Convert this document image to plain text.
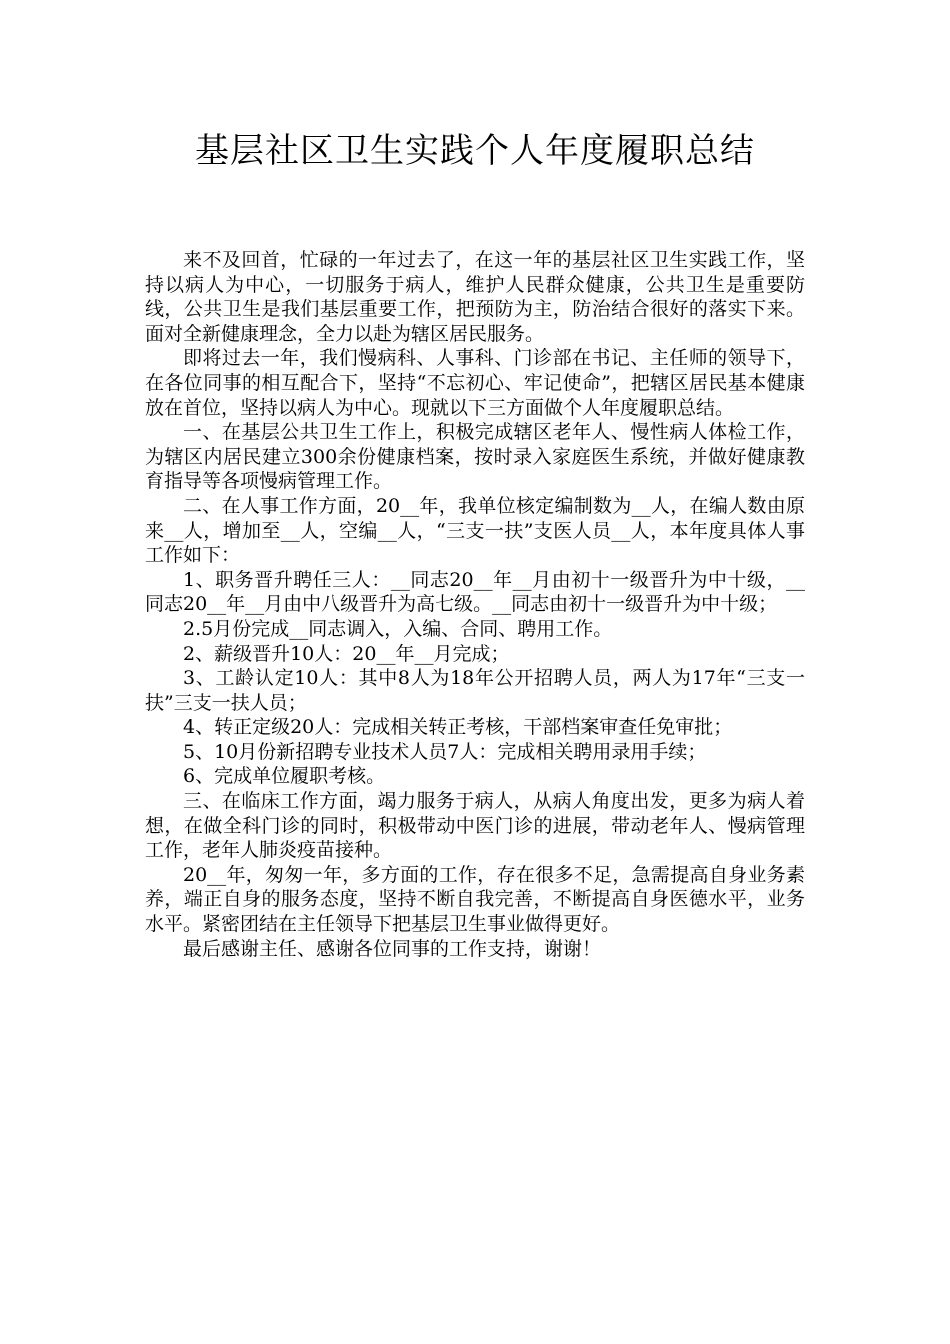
基层社区卫生实践个人年度履职总结

来不及回首，忙碌的一年过去了，在这一年的基层社区卫生实践工作，坚持以病人为中心，一切服务于病人，维护人民群众健康，公共卫生是重要防线，公共卫生是我们基层重要工作，把预防为主，防治结合很好的落实下来。面对全新健康理念，全力以赴为辖区居民服务。

即将过去一年，我们慢病科、人事科、门诊部在书记、主任师的领导下，在各位同事的相互配合下，坚持“不忘初心、牢记使命”，把辖区居民基本健康放在首位，坚持以病人为中心。现就以下三方面做个人年度履职总结。

一、在基层公共卫生工作上，积极完成辖区老年人、慢性病人体检工作，为辖区内居民建立300余份健康档案，按时录入家庭医生系统，并做好健康教育指导等各项慢病管理工作。

二、在人事工作方面，20__年，我单位核定编制数为__人，在编人数由原来__人，增加至__人，空编__人，“三支一扶”支医人员__人，本年度具体人事工作如下：

1、职务晋升聘任三人：__同志20__年__月由初十一级晋升为中十级，__同志20__年__月由中八级晋升为高七级。__同志由初十一级晋升为中十级；

2.5月份完成__同志调入，入编、合同、聘用工作。

2、薪级晋升10人：20__年__月完成；

3、工龄认定10人：其中8人为18年公开招聘人员，两人为17年“三支一扶”三支一扶人员；

4、转正定级20人：完成相关转正考核，干部档案审查任免审批；

5、10月份新招聘专业技术人员7人：完成相关聘用录用手续；

6、完成单位履职考核。

三、在临床工作方面，竭力服务于病人，从病人角度出发，更多为病人着想，在做全科门诊的同时，积极带动中医门诊的进展，带动老年人、慢病管理工作，老年人肺炎疫苗接种。

20__年，匆匆一年，多方面的工作，存在很多不足，急需提高自身业务素养，端正自身的服务态度，坚持不断自我完善，不断提高自身医德水平，业务水平。紧密团结在主任领导下把基层卫生事业做得更好。

最后感谢主任、感谢各位同事的工作支持，谢谢！
